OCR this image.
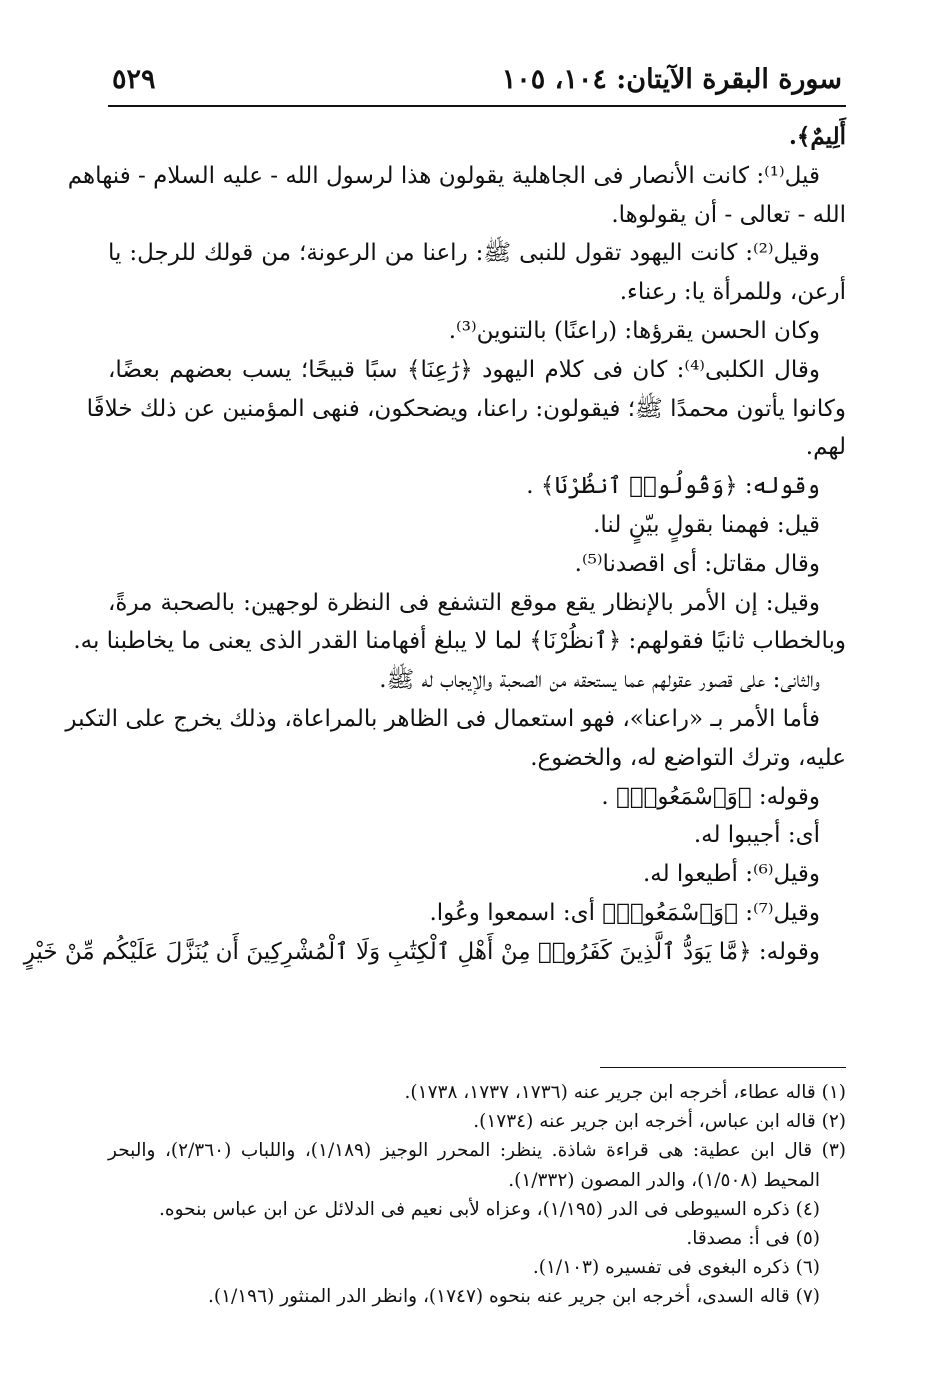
سورة البقرة الآيتان: ١٠٤، ١٠٥
٥٢٩
أَلِيمٌ﴾.
قيل⁽¹⁾: كانت الأنصار فى الجاهلية يقولون هذا لرسول الله - عليه السلام - فنهاهم
الله - تعالى - أن يقولوها.
وقيل⁽²⁾: كانت اليهود تقول للنبى ﷺ: راعنا من الرعونة؛ من قولك للرجل: يا
أرعن، وللمرأة يا: رعناء.
وكان الحسن يقرؤها: (راعنًا) بالتنوين⁽³⁾.
وقال الكلبى⁽⁴⁾: كان فى كلام اليهود ﴿رَٰعِنَا﴾ سبًا قبيحًا؛ يسب بعضهم بعضًا،
وكانوا يأتون محمدًا ﷺ؛ فيقولون: راعنا، ويضحكون، فنهى المؤمنين عن ذلك خلافًا
لهم.
وقوله: ﴿وَقُولُوا۟ ٱنظُرْنَا﴾ .
قيل: فهمنا بقولٍ بيّنٍ لنا.
وقال مقاتل: أى اقصدنا⁽⁵⁾.
وقيل: إن الأمر بالإنظار يقع موقع التشفع فى النظرة لوجهين: بالصحبة مرةً،
وبالخطاب ثانيًا فقولهم: ﴿ٱنظُرْنَا﴾ لما لا يبلغ أفهامنا القدر الذى يعنى ما يخاطبنا به.
والثانى: على قصور عقولهم عما يستحقه من الصحبة والإيجاب له ﷺ.
فأما الأمر بـ «راعنا»، فهو استعمال فى الظاهر بالمراعاة، وذلك يخرج على التكبر
عليه، وترك التواضع له، والخضوع.
وقوله: ﴿وَٱسْمَعُوا۟﴾ .
أى: أجيبوا له.
وقيل⁽⁶⁾: أطيعوا له.
وقيل⁽⁷⁾: ﴿وَٱسْمَعُوا۟﴾ أى: اسمعوا وعُوا.
وقوله: ﴿مَّا يَوَدُّ ٱلَّذِينَ كَفَرُوا۟ مِنْ أَهْلِ ٱلْكِتَٰبِ وَلَا ٱلْمُشْرِكِينَ أَن يُنَزَّلَ عَلَيْكُم مِّنْ خَيْرٍ
(١) قاله عطاء، أخرجه ابن جرير عنه (١٧٣٦، ١٧٣٧، ١٧٣٨).
(٢) قاله ابن عباس، أخرجه ابن جرير عنه (١٧٣٤).
(٣) قال ابن عطية: هى قراءة شاذة. ينظر: المحرر الوجيز (١/١٨٩)، واللباب (٢/٣٦٠)، والبحر
المحيط (١/٥٠٨)، والدر المصون (١/٣٣٢).
(٤) ذكره السيوطى فى الدر (١/١٩٥)، وعزاه لأبى نعيم فى الدلائل عن ابن عباس بنحوه.
(٥) فى أ: مصدقا.
(٦) ذكره البغوى فى تفسيره (١/١٠٣).
(٧) قاله السدى، أخرجه ابن جرير عنه بنحوه (١٧٤٧)، وانظر الدر المنثور (١/١٩٦).
